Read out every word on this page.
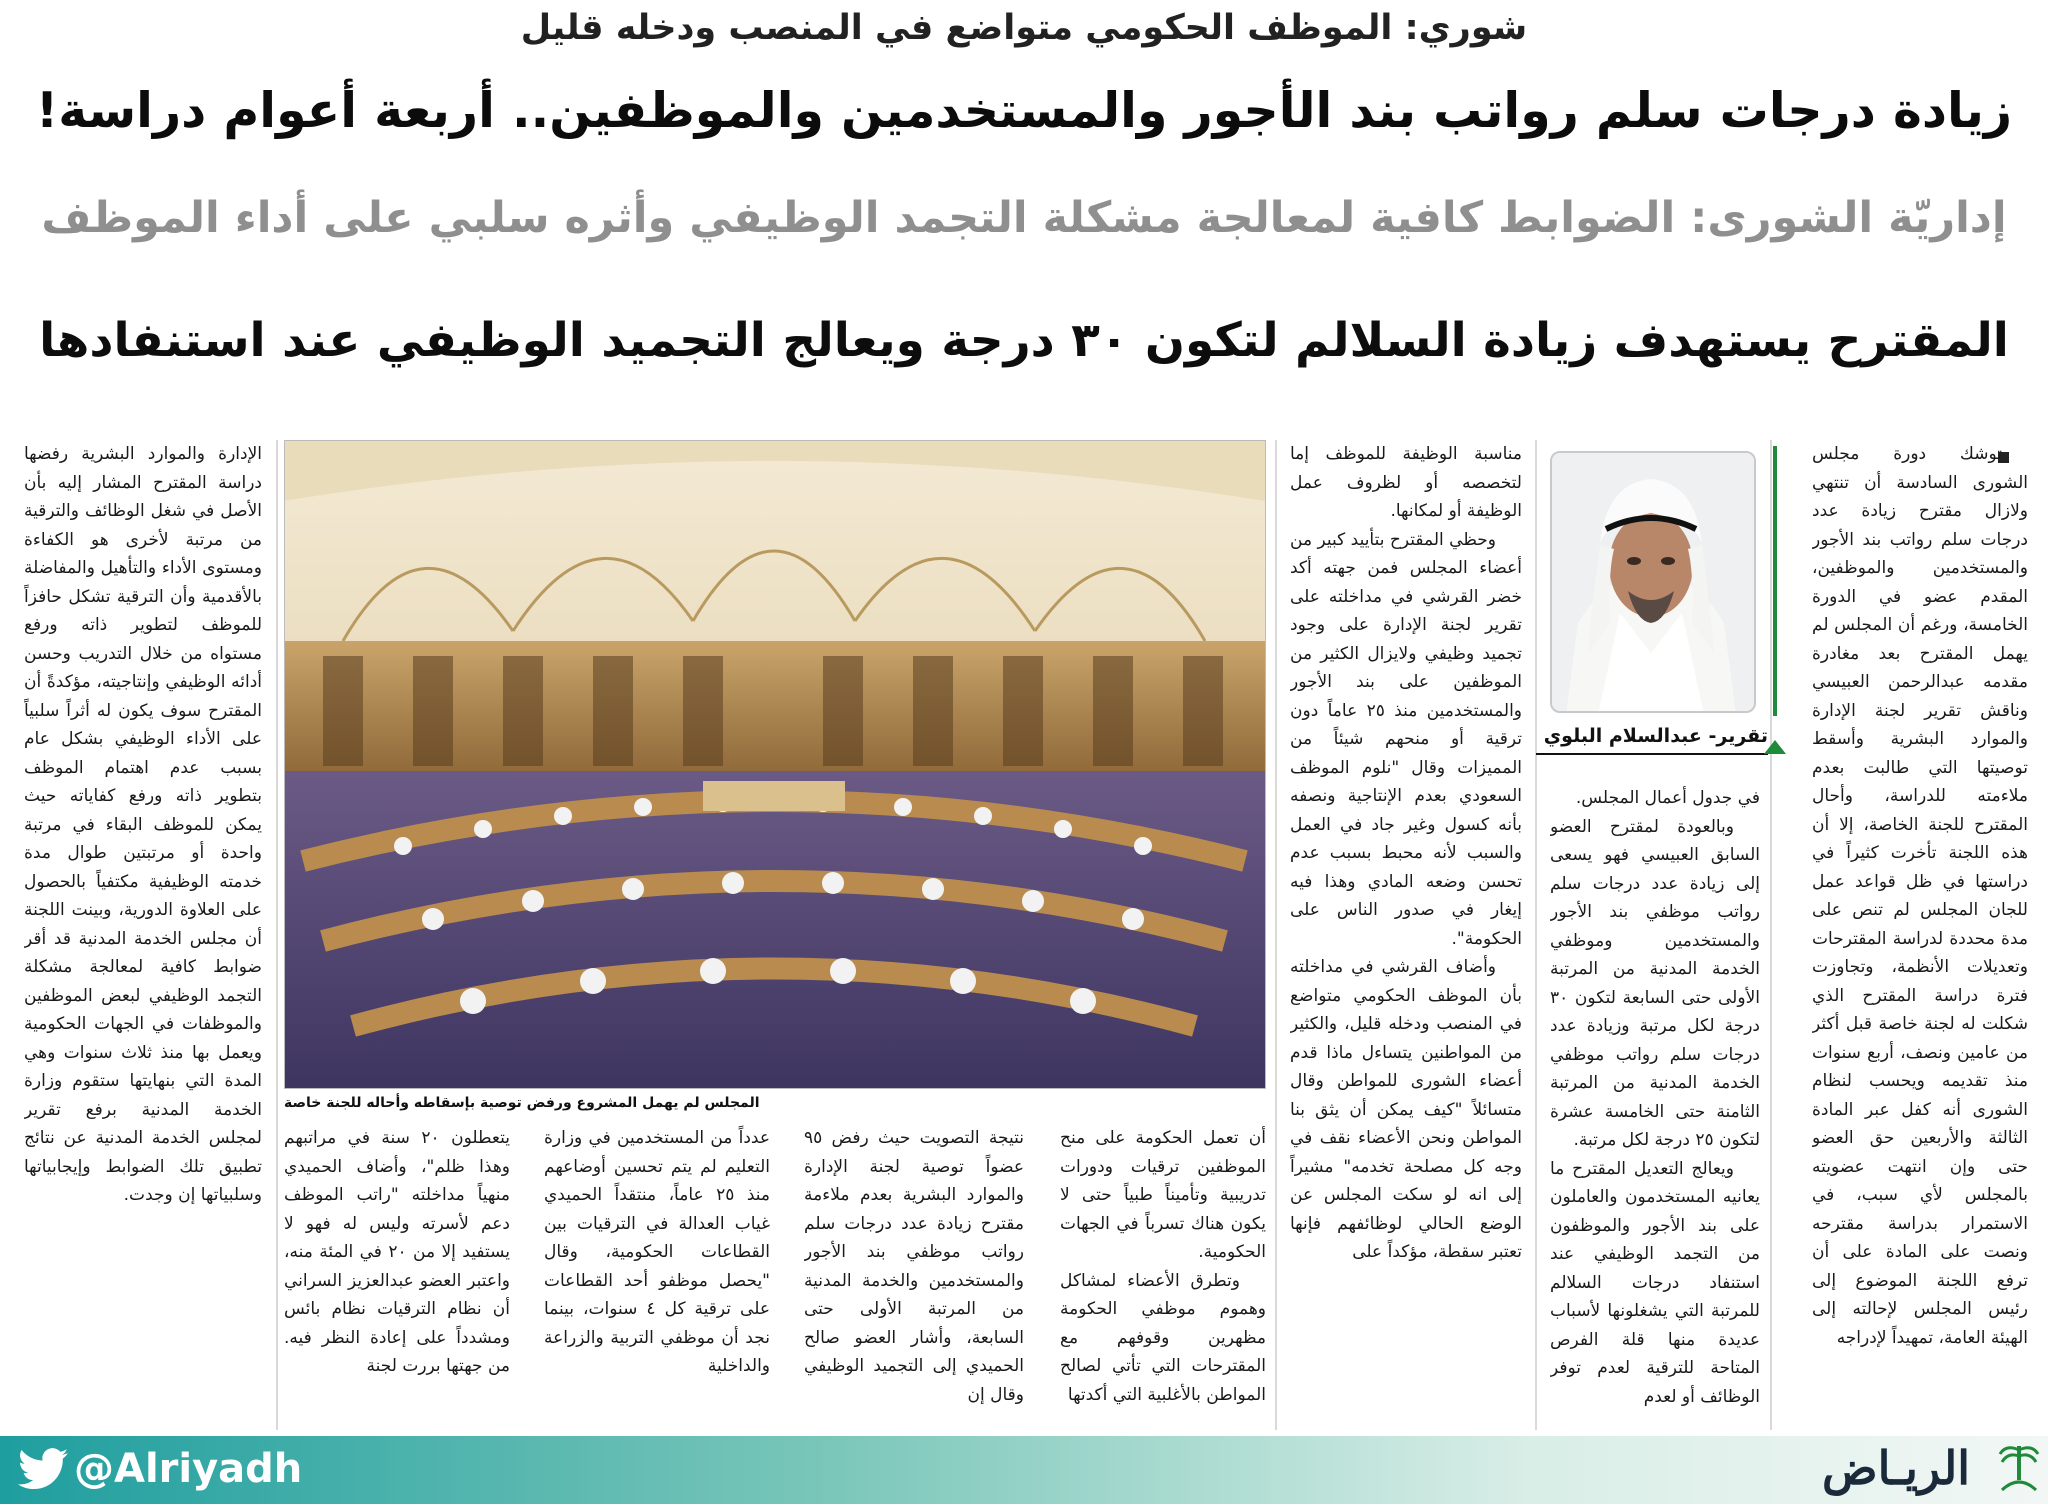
شوري: الموظف الحكومي متواضع في المنصب ودخله قليل
زيادة درجات سلم رواتب بند الأجور والمستخدمين والموظفين.. أربعة أعوام دراسة!
إداريّة الشورى: الضوابط كافية لمعالجة مشكلة التجمد الوظيفي وأثره سلبي على أداء الموظف
المقترح يستهدف زيادة السلالم لتكون ٣٠ درجة ويعالج التجميد الوظيفي عند استنفادها

توشك دورة مجلس الشورى السادسة أن تنتهي ولازال مقترح زيادة عدد درجات سلم رواتب بند الأجور والمستخدمين والموظفين، المقدم عضو في الدورة الخامسة، ورغم أن المجلس لم يهمل المقترح بعد مغادرة مقدمه عبدالرحمن العبيسي وناقش تقرير لجنة الإدارة والموارد البشرية وأسقط توصيتها التي طالبت بعدم ملاءمته للدراسة، وأحال المقترح للجنة الخاصة، إلا أن هذه اللجنة تأخرت كثيراً في دراستها في ظل قواعد عمل للجان المجلس لم تنص على مدة محددة لدراسة المقترحات وتعديلات الأنظمة، وتجاوزت فترة دراسة المقترح الذي شكلت له لجنة خاصة قبل أكثر من عامين ونصف، أربع سنوات منذ تقديمه ويحسب لنظام الشورى أنه كفل عبر المادة الثالثة والأربعين حق العضو حتى وإن انتهت عضويته بالمجلس لأي سبب، في الاستمرار بدراسة مقترحه ونصت على المادة على أن ترفع اللجنة الموضوع إلى رئيس المجلس لإحالته إلى الهيئة العامة، تمهيداً لإدراجه

تقرير- عبدالسلام البلوي

في جدول أعمال المجلس.

وبالعودة لمقترح العضو السابق العبيسي فهو يسعى إلى زيادة عدد درجات سلم رواتب موظفي بند الأجور والمستخدمين وموظفي الخدمة المدنية من المرتبة الأولى حتى السابعة لتكون ٣٠ درجة لكل مرتبة وزيادة عدد درجات سلم رواتب موظفي الخدمة المدنية من المرتبة الثامنة حتى الخامسة عشرة لتكون ٢٥ درجة لكل مرتبة.

ويعالج التعديل المقترح ما يعانيه المستخدمون والعاملون على بند الأجور والموظفون من التجمد الوظيفي عند استنفاد درجات السلالم للمرتبة التي يشغلونها لأسباب عديدة منها قلة الفرص المتاحة للترقية لعدم توفر الوظائف أو لعدم

مناسبة الوظيفة للموظف إما لتخصصه أو لظروف عمل الوظيفة أو لمكانها.

وحظي المقترح بتأييد كبير من أعضاء المجلس فمن جهته أكد خضر القرشي في مداخلته على تقرير لجنة الإدارة على وجود تجميد وظيفي ولايزال الكثير من الموظفين على بند الأجور والمستخدمين منذ ٢٥ عاماً دون ترقية أو منحهم شيئاً من المميزات وقال "نلوم الموظف السعودي بعدم الإنتاجية ونصفه بأنه كسول وغير جاد في العمل والسبب لأنه محبط بسبب عدم تحسن وضعه المادي وهذا فيه إيغار في صدور الناس على الحكومة".

وأضاف القرشي في مداخلته بأن الموظف الحكومي متواضع في المنصب ودخله قليل، والكثير من المواطنين يتساءل ماذا قدم أعضاء الشورى للمواطن وقال متسائلاً "كيف يمكن أن يثق بنا المواطن ونحن الأعضاء نقف في وجه كل مصلحة تخدمه" مشيراً إلى انه لو سكت المجلس عن الوضع الحالي لوظائفهم فإنها تعتبر سقطة، مؤكداً على

المجلس لم يهمل المشروع ورفض توصية بإسقاطه وأحاله للجنة خاصة

أن تعمل الحكومة على منح الموظفين ترقيات ودورات تدريبية وتأميناً طبياً حتى لا يكون هناك تسرباً في الجهات الحكومية.

وتطرق الأعضاء لمشاكل وهموم موظفي الحكومة مظهرين وقوفهم مع المقترحات التي تأتي لصالح المواطن بالأغلبية التي أكدتها

نتيجة التصويت حيث رفض ٩٥ عضواً توصية لجنة الإدارة والموارد البشرية بعدم ملاءمة مقترح زيادة عدد درجات سلم رواتب موظفي بند الأجور والمستخدمين والخدمة المدنية من المرتبة الأولى حتى السابعة، وأشار العضو صالح الحميدي إلى التجميد الوظيفي وقال إن

عدداً من المستخدمين في وزارة التعليم لم يتم تحسين أوضاعهم منذ ٢٥ عاماً، منتقداً الحميدي غياب العدالة في الترقيات بين القطاعات الحكومية، وقال "يحصل موظفو أحد القطاعات على ترقية كل ٤ سنوات، بينما نجد أن موظفي التربية والزراعة والداخلية

يتعطلون ٢٠ سنة في مراتبهم وهذا ظلم"، وأضاف الحميدي منهياً مداخلته "راتب الموظف دعم لأسرته وليس له فهو لا يستفيد إلا من ٢٠ في المئة منه، واعتبر العضو عبدالعزيز السراني أن نظام الترقيات نظام بائس ومشدداً على إعادة النظر فيه. من جهتها بررت لجنة

الإدارة والموارد البشرية رفضها دراسة المقترح المشار إليه بأن الأصل في شغل الوظائف والترقية من مرتبة لأخرى هو الكفاءة ومستوى الأداء والتأهيل والمفاضلة بالأقدمية وأن الترقية تشكل حافزاً للموظف لتطوير ذاته ورفع مستواه من خلال التدريب وحسن أدائه الوظيفي وإنتاجيته، مؤكدةً أن المقترح سوف يكون له أثراً سلبياً على الأداء الوظيفي بشكل عام بسبب عدم اهتمام الموظف بتطوير ذاته ورفع كفاياته حيث يمكن للموظف البقاء في مرتبة واحدة أو مرتبتين طوال مدة خدمته الوظيفية مكتفياً بالحصول على العلاوة الدورية، وبينت اللجنة أن مجلس الخدمة المدنية قد أقر ضوابط كافية لمعالجة مشكلة التجمد الوظيفي لبعض الموظفين والموظفات في الجهات الحكومية ويعمل بها منذ ثلاث سنوات وهي المدة التي بنهايتها ستقوم وزارة الخدمة المدنية برفع تقرير لمجلس الخدمة المدنية عن نتائج تطبيق تلك الضوابط وإيجابياتها وسلبياتها إن وجدت.

@Alriyadh	الريـاض
